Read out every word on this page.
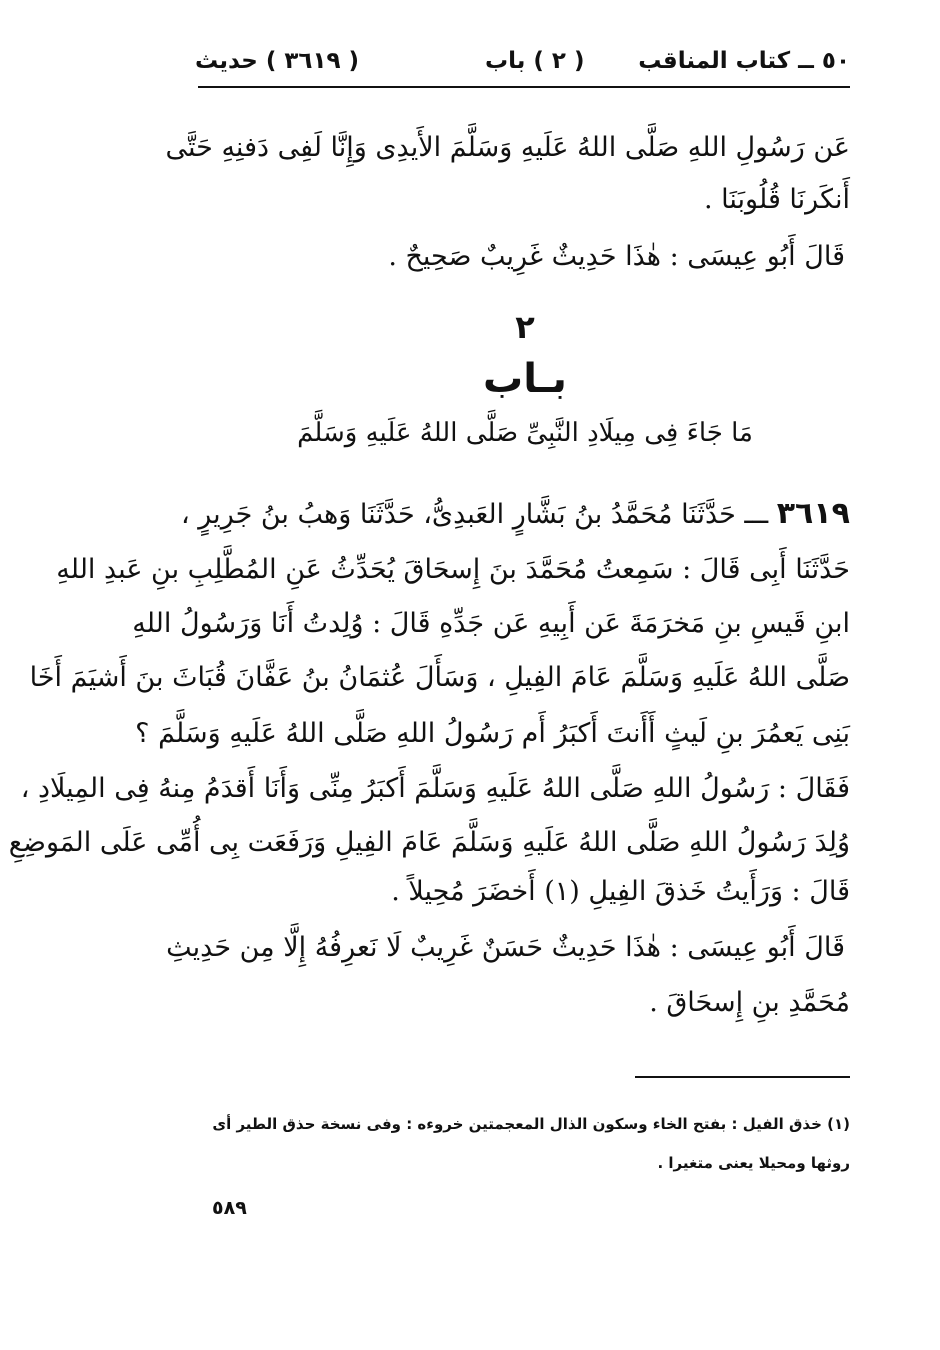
٥٠ ــ كتاب المناقب
( ٢ ) باب
( ٣٦١٩ ) حديث
عَن رَسُولِ اللهِ صَلَّى اللهُ عَلَيهِ وَسَلَّمَ الأَيدِى وَإِنَّا لَفِى دَفنِهِ حَتَّى
أَنكَرنَا قُلُوبَنَا .
قَالَ أَبُو عِيسَى : هٰذَا حَدِيثٌ غَرِيبٌ صَحِيحٌ .
٢
بـاب
مَا جَاءَ فِى مِيلَادِ النَّبِىِّ صَلَّى اللهُ عَلَيهِ وَسَلَّمَ
٣٦١٩ ـــ حَدَّثَنَا مُحَمَّدُ بنُ بَشَّارٍ العَبدِىُّ، حَدَّثَنَا وَهبُ بنُ جَرِيرٍ ،
حَدَّثَنَا أَبِى قَالَ : سَمِعتُ مُحَمَّدَ بنَ إِسحَاقَ يُحَدِّثُ عَنِ المُطَّلِبِ بنِ عَبدِ اللهِ
ابنِ قَيسِ بنِ مَخرَمَةَ عَن أَبِيهِ عَن جَدِّهِ قَالَ : وُلِدتُ أَنَا وَرَسُولُ اللهِ
صَلَّى اللهُ عَلَيهِ وَسَلَّمَ عَامَ الفِيلِ ، وَسَأَلَ عُثمَانُ بنُ عَفَّانَ قُبَاثَ بنَ أَشيَمَ أَخَا
بَنِى يَعمُرَ بنِ لَيثٍ أَأَنتَ أَكبَرُ أَم رَسُولُ اللهِ صَلَّى اللهُ عَلَيهِ وَسَلَّمَ ؟
فَقَالَ : رَسُولُ اللهِ صَلَّى اللهُ عَلَيهِ وَسَلَّمَ أَكبَرُ مِنِّى وَأَنَا أَقدَمُ مِنهُ فِى المِيلَادِ ،
وُلِدَ رَسُولُ اللهِ صَلَّى اللهُ عَلَيهِ وَسَلَّمَ عَامَ الفِيلِ وَرَفَعَت بِى أُمِّى عَلَى المَوضِعِ
قَالَ : وَرَأَيتُ خَذقَ الفِيلِ (١) أَخضَرَ مُحِيلاً .
قَالَ أَبُو عِيسَى : هٰذَا حَدِيثٌ حَسَنٌ غَرِيبٌ لَا نَعرِفُهُ إِلَّا مِن حَدِيثِ
مُحَمَّدِ بنِ إِسحَاقَ .
(١) خذق الفيل : بفتح الخاء وسكون الذال المعجمتين خروءه : وفى نسخة حذق الطير أى
روثها ومحيلا يعنى متغيرا .
٥٨٩
